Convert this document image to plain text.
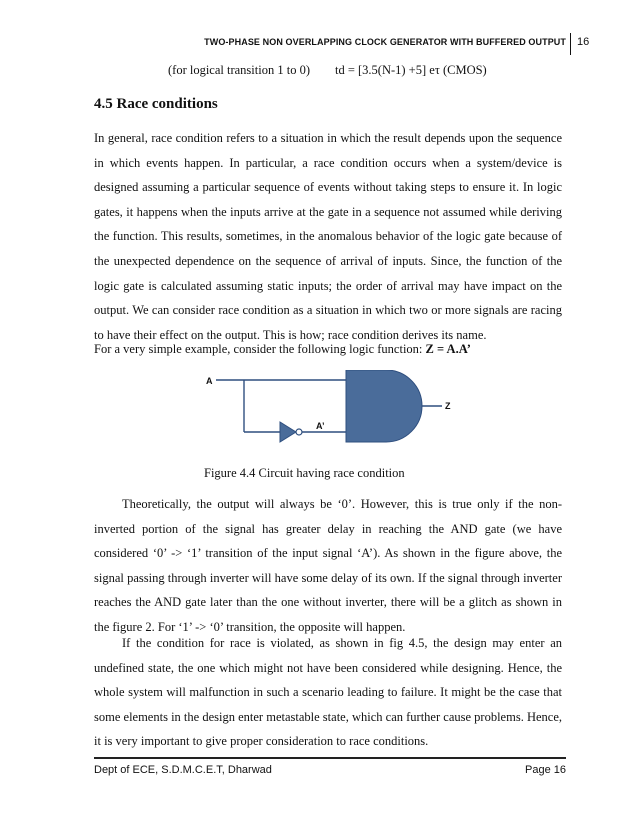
TWO-PHASE NON OVERLAPPING CLOCK GENERATOR WITH BUFFERED OUTPUT 16
(for logical transition 1 to 0) td = [3.5(N-1) +5] eτ (CMOS)
4.5 Race conditions

In general, race condition refers to a situation in which the result depends upon the sequence in which events happen. In particular, a race condition occurs when a system/device is designed assuming a particular sequence of events without taking steps to ensure it. In logic gates, it happens when the inputs arrive at the gate in a sequence not assumed while deriving the function. This results, sometimes, in the anomalous behavior of the logic gate because of the unexpected dependence on the sequence of arrival of inputs. Since, the function of the logic gate is calculated assuming static inputs; the order of arrival may have impact on the output. We can consider race condition as a situation in which two or more signals are racing to have their effect on the output. This is how; race condition derives its name.

For a very simple example, consider the following logic function: Z = A.A’
A
A’
Z
Figure 4.4 Circuit having race condition

Theoretically, the output will always be ‘0’. However, this is true only if the non-inverted portion of the signal has greater delay in reaching the AND gate (we have considered ‘0’ -> ‘1’ transition of the input signal ‘A’). As shown in the figure above, the signal passing through inverter will have some delay of its own. If the signal through inverter reaches the AND gate later than the one without inverter, there will be a glitch as shown in the figure 2. For ‘1’ -> ‘0’ transition, the opposite will happen.

If the condition for race is violated, as shown in fig 4.5, the design may enter an undefined state, the one which might not have been considered while designing. Hence, the whole system will malfunction in such a scenario leading to failure. It might be the case that some elements in the design enter metastable state, which can further cause problems. Hence, it is very important to give proper consideration to race conditions.

Dept of ECE, S.D.M.C.E.T, Dharwad	Page 16
